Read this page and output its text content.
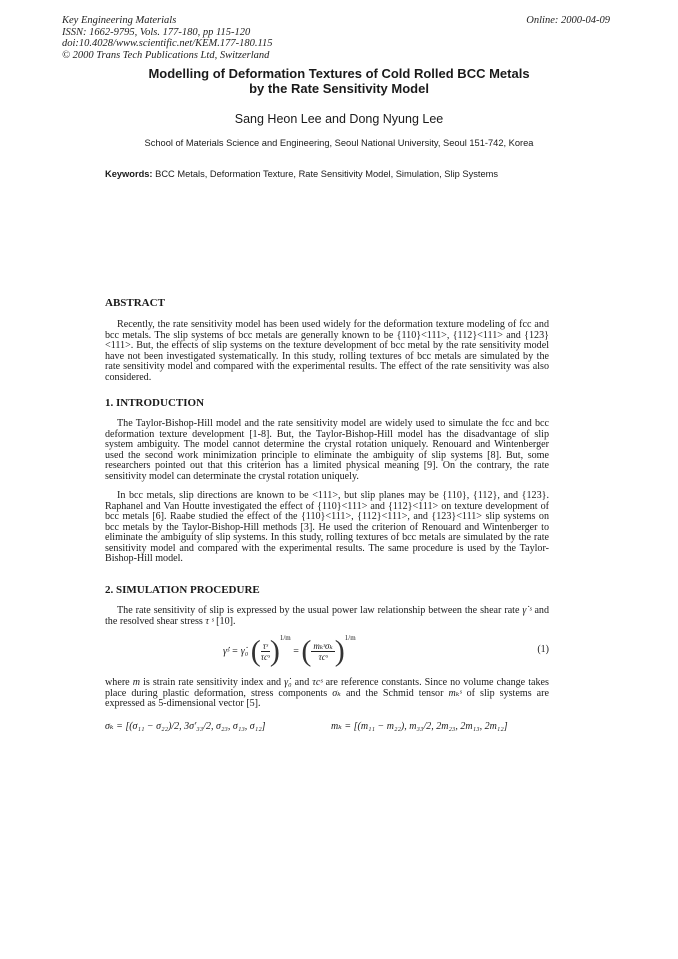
Key Engineering Materials
ISSN: 1662-9795, Vols. 177-180, pp 115-120
doi:10.4028/www.scientific.net/KEM.177-180.115
© 2000 Trans Tech Publications Ltd, Switzerland
Online: 2000-04-09
Modelling of Deformation Textures of Cold Rolled BCC Metals
by the Rate Sensitivity Model
Sang Heon Lee and Dong Nyung Lee
School of Materials Science and Engineering, Seoul National University, Seoul 151-742, Korea
Keywords: BCC Metals, Deformation Texture, Rate Sensitivity Model, Simulation, Slip Systems
ABSTRACT
Recently, the rate sensitivity model has been used widely for the deformation texture modeling of fcc and bcc metals. The slip systems of bcc metals are generally known to be {110}<111>, {112}<111> and {123}<111>. But, the effects of slip systems on the texture development of bcc metal by the rate sensitivity model have not been investigated systematically. In this study, rolling textures of bcc metals are simulated by the rate sensitivity model and compared with the experimental results. The effect of the rate sensitivity was also considered.
1. INTRODUCTION
The Taylor-Bishop-Hill model and the rate sensitivity model are widely used to simulate the fcc and bcc deformation texture development [1-8]. But, the Taylor-Bishop-Hill model has the disadvantage of slip system ambiguity. The model cannot determine the crystal rotation uniquely. Renouard and Wintenberger used the second work minimization principle to eliminate the ambiguity of slip systems [8]. But, some researchers pointed out that this criterion has a limited physical meaning [9]. On the contrary, the rate sensitivity model can determinate the crystal rotation uniquely.
In bcc metals, slip directions are known to be <111>, but slip planes may be {110}, {112}, and {123}. Raphanel and Van Houtte investigated the effect of {110}<111> and {112}<111> on texture development of bcc metals [6]. Raabe studied the effect of the {110}<111>, {112}<111>, and {123}<111> slip systems on bcc metals by the Taylor-Bishop-Hill methods [3]. He used the criterion of Renouard and Wintenberger to eliminate the ambiguity of slip systems. In this study, rolling textures of bcc metals are simulated by the rate sensitivity model and compared with the experimental results. The same procedure is used by the Taylor-Bishop-Hill model.
2. SIMULATION PROCEDURE
The rate sensitivity of slip is expressed by the usual power law relationship between the shear rate γ̇ ˢ and the resolved shear stress τ ˢ [10].
γ̇ˢ = γ̇₀ ( $\frac{\text{τˢ}}{\text{τcˢ}} )^{1/m}$ = ( $\frac{\text{mₖˢσₖ}}{\text{τcˢ}} )^{1/m}$
(1)
where m is strain rate sensitivity index and γ̇₀ and τcˢ are reference constants. Since no volume change takes place during plastic deformation, stress components σₖ and the Schmid tensor mₖˢ of slip systems are expressed as 5-dimensional vector [5].
σₖ = [(σ₁₁ − σ₂₂)/2, 3σ′₃₃/2, σ₂₃, σ₁₃, σ₁₂]	mₖ = [(m₁₁ − m₂₂), m₃₃/2, 2m₂₃, 2m₁₃, 2m₁₂]
